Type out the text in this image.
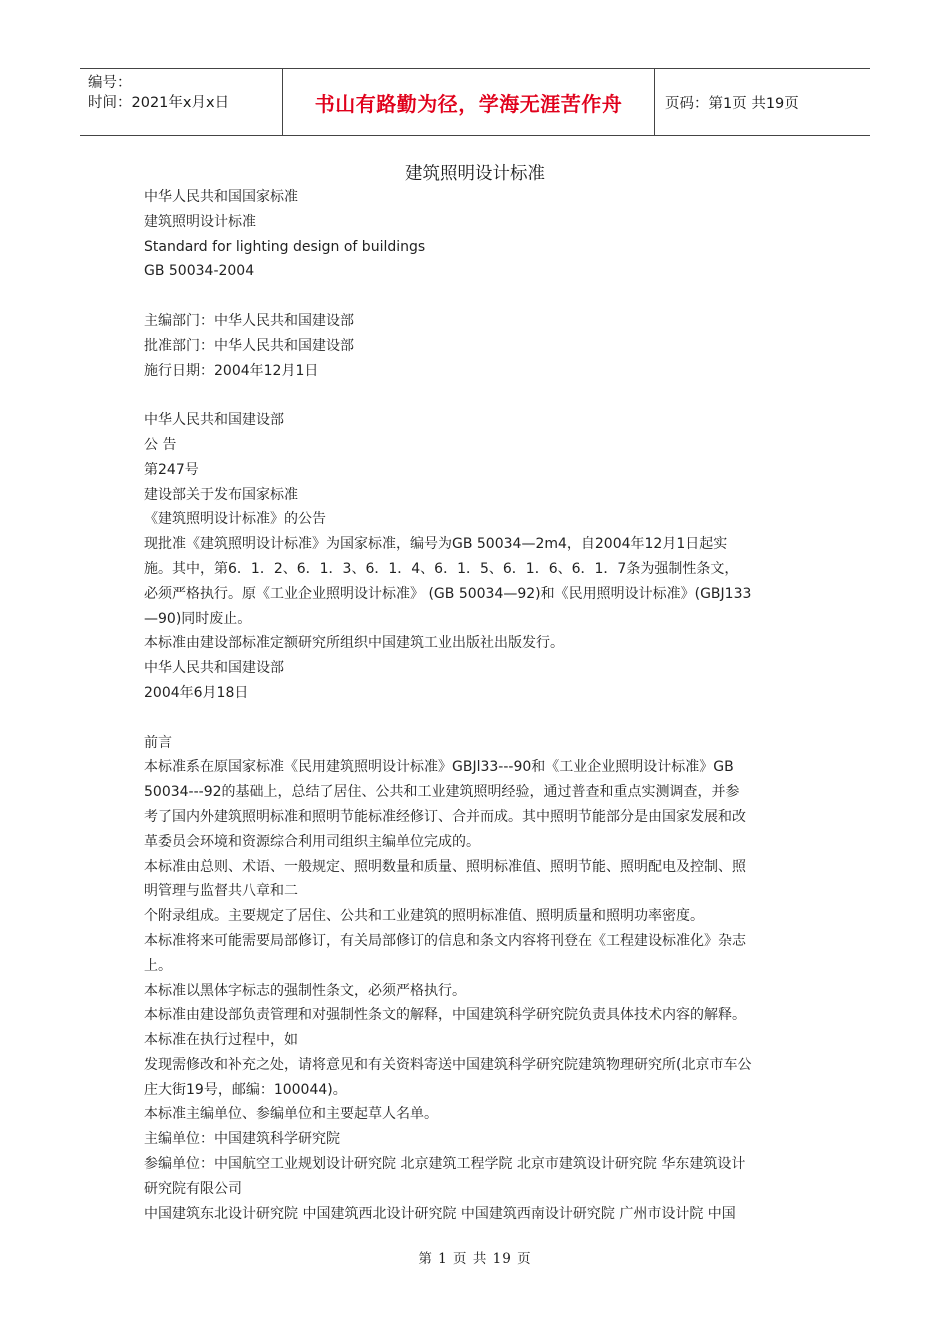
编号：
时间：2021年x月x日	书山有路勤为径，学海无涯苦作舟	页码：第1页 共19页
建筑照明设计标准
中华人民共和国国家标准
建筑照明设计标准
Standard for lighting design of buildings
GB 50034-2004
主编部门：中华人民共和国建设部
批准部门：中华人民共和国建设部
施行日期：2004年12月1日
中华人民共和国建设部
公 告
第247号
建设部关于发布国家标准
《建筑照明设计标准》的公告
现批准《建筑照明设计标准》为国家标准，编号为GB 50034—2m4，自2004年12月1日起实
施。其中，第6．1．2、6．1．3、6．1．4、6．1．5、6．1．6、6．1．7条为强制性条文，
必须严格执行。原《工业企业照明设计标准》 (GB 50034—92)和《民用照明设计标准》(GBJ133
—90)同时废止。
本标准由建设部标准定额研究所组织中国建筑工业出版社出版发行。
中华人民共和国建设部
2004年6月18日
前言
本标准系在原国家标准《民用建筑照明设计标准》GBJl33---90和《工业企业照明设计标准》GB
50034---92的基础上，总结了居住、公共和工业建筑照明经验，通过普查和重点实测调查，并参
考了国内外建筑照明标准和照明节能标准经修订、合并而成。其中照明节能部分是由国家发展和改
革委员会环境和资源综合利用司组织主编单位完成的。
本标准由总则、术语、一般规定、照明数量和质量、照明标准值、照明节能、照明配电及控制、照
明管理与监督共八章和二
个附录组成。主要规定了居住、公共和工业建筑的照明标准值、照明质量和照明功率密度。
本标准将来可能需要局部修订，有关局部修订的信息和条文内容将刊登在《工程建设标准化》杂志
上。
本标准以黑体字标志的强制性条文，必须严格执行。
本标准由建设部负责管理和对强制性条文的解释，中国建筑科学研究院负责具体技术内容的解释。
本标准在执行过程中，如
发现需修改和补充之处，请将意见和有关资料寄送中国建筑科学研究院建筑物理研究所(北京市车公
庄大街19号，邮编：100044)。
本标准主编单位、参编单位和主要起草人名单。
主编单位：中国建筑科学研究院
参编单位：中国航空工业规划设计研究院 北京建筑工程学院 北京市建筑设计研究院 华东建筑设计
研究院有限公司
中国建筑东北设计研究院 中国建筑西北设计研究院 中国建筑西南设计研究院 广州市设计院 中国
第 1 页 共 19 页
